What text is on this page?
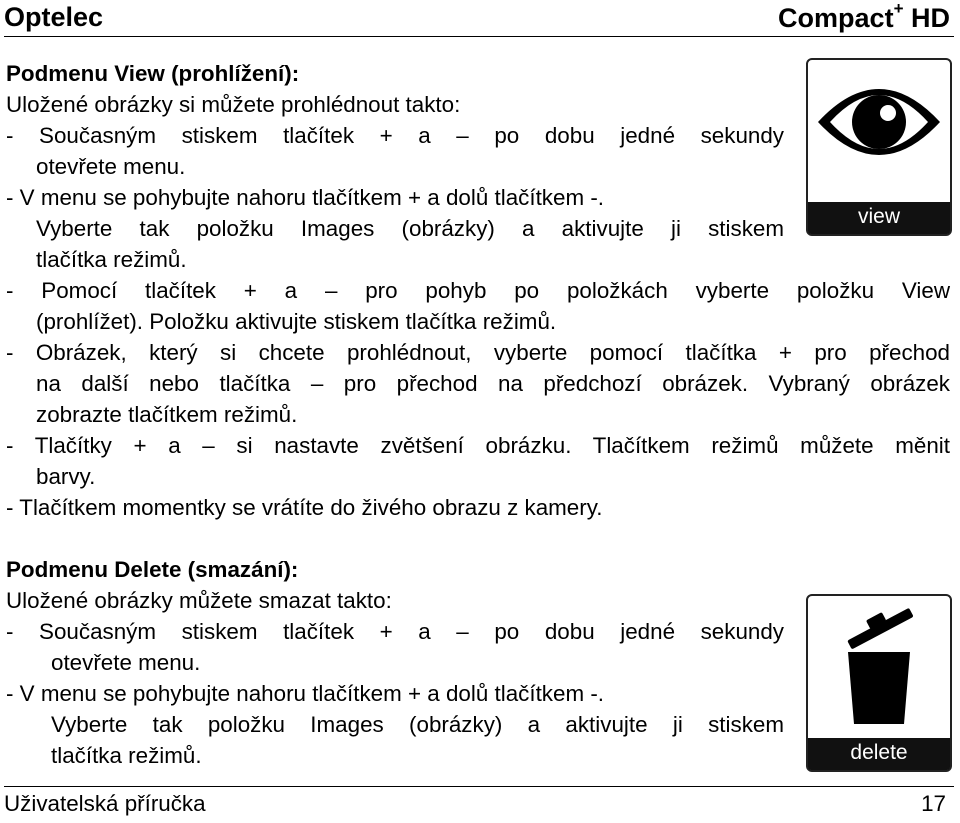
Optelec	Compact+ HD
Podmenu View (prohlížení):
Uložené obrázky si můžete prohlédnout takto:
- Současným stiskem tlačítek + a – po dobu jedné sekundy
otevřete menu.
- V menu se pohybujte nahoru tlačítkem + a dolů tlačítkem -.
Vyberte tak položku Images (obrázky) a aktivujte ji stiskem
tlačítka režimů.
- Pomocí tlačítek + a – pro pohyb po položkách vyberte položku View
(prohlížet). Položku aktivujte stiskem tlačítka režimů.
- Obrázek, který si chcete prohlédnout, vyberte pomocí tlačítka + pro přechod
na další nebo tlačítka – pro přechod na předchozí obrázek. Vybraný obrázek
zobrazte tlačítkem režimů.
- Tlačítky + a – si nastavte zvětšení obrázku. Tlačítkem režimů můžete měnit
barvy.
- Tlačítkem momentky se vrátíte do živého obrazu z kamery.
view
Podmenu Delete (smazání):
Uložené obrázky můžete smazat takto:
- Současným stiskem tlačítek + a – po dobu jedné sekundy
otevřete menu.
- V menu se pohybujte nahoru tlačítkem + a dolů tlačítkem -.
Vyberte tak položku Images (obrázky) a aktivujte ji stiskem
tlačítka režimů.	delete
Uživatelská příručka	17
